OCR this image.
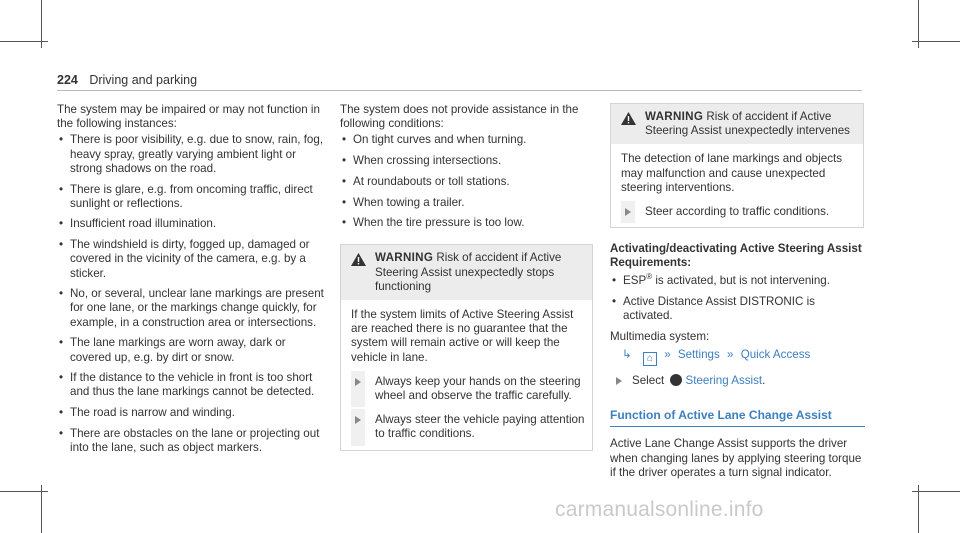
224 Driving and parking

The system may be impaired or may not function in the following instances:

• There is poor visibility, e.g. due to snow, rain, fog, heavy spray, greatly varying ambient light or strong shadows on the road.
• There is glare, e.g. from oncoming traffic, direct sunlight or reflections.
• Insufficient road illumination.
• The windshield is dirty, fogged up, damaged or covered in the vicinity of the camera, e.g. by a sticker.
• No, or several, unclear lane markings are present for one lane, or the markings change quickly, for example, in a construction area or intersections.
• The lane markings are worn away, dark or covered up, e.g. by dirt or snow.
• If the distance to the vehicle in front is too short and thus the lane markings cannot be detected.
• The road is narrow and winding.
• There are obstacles on the lane or projecting out into the lane, such as object markers.

The system does not provide assistance in the following conditions:

• On tight curves and when turning.
• When crossing intersections.
• At roundabouts or toll stations.
• When towing a trailer.
• When the tire pressure is too low.
WARNING Risk of accident if Active Steering Assist unexpectedly stops functioning
If the system limits of Active Steering Assist are reached there is no guarantee that the system will remain active or will keep the vehicle in lane.
Always keep your hands on the steering wheel and observe the traffic carefully.
Always steer the vehicle paying attention to traffic conditions.
WARNING Risk of accident if Active Steering Assist unexpectedly intervenes
The detection of lane markings and objects may malfunction and cause unexpected steering interventions.
Steer according to traffic conditions.
Activating/deactivating Active Steering Assist
Requirements:
• ESP® is activated, but is not intervening.
• Active Distance Assist DISTRONIC is activated.

Multimedia system:

↳ ⌂ » Settings » Quick Access
Select Steering Assist.
Function of Active Lane Change Assist

Active Lane Change Assist supports the driver when changing lanes by applying steering torque if the driver operates a turn signal indicator.

carmanualsonline.info
